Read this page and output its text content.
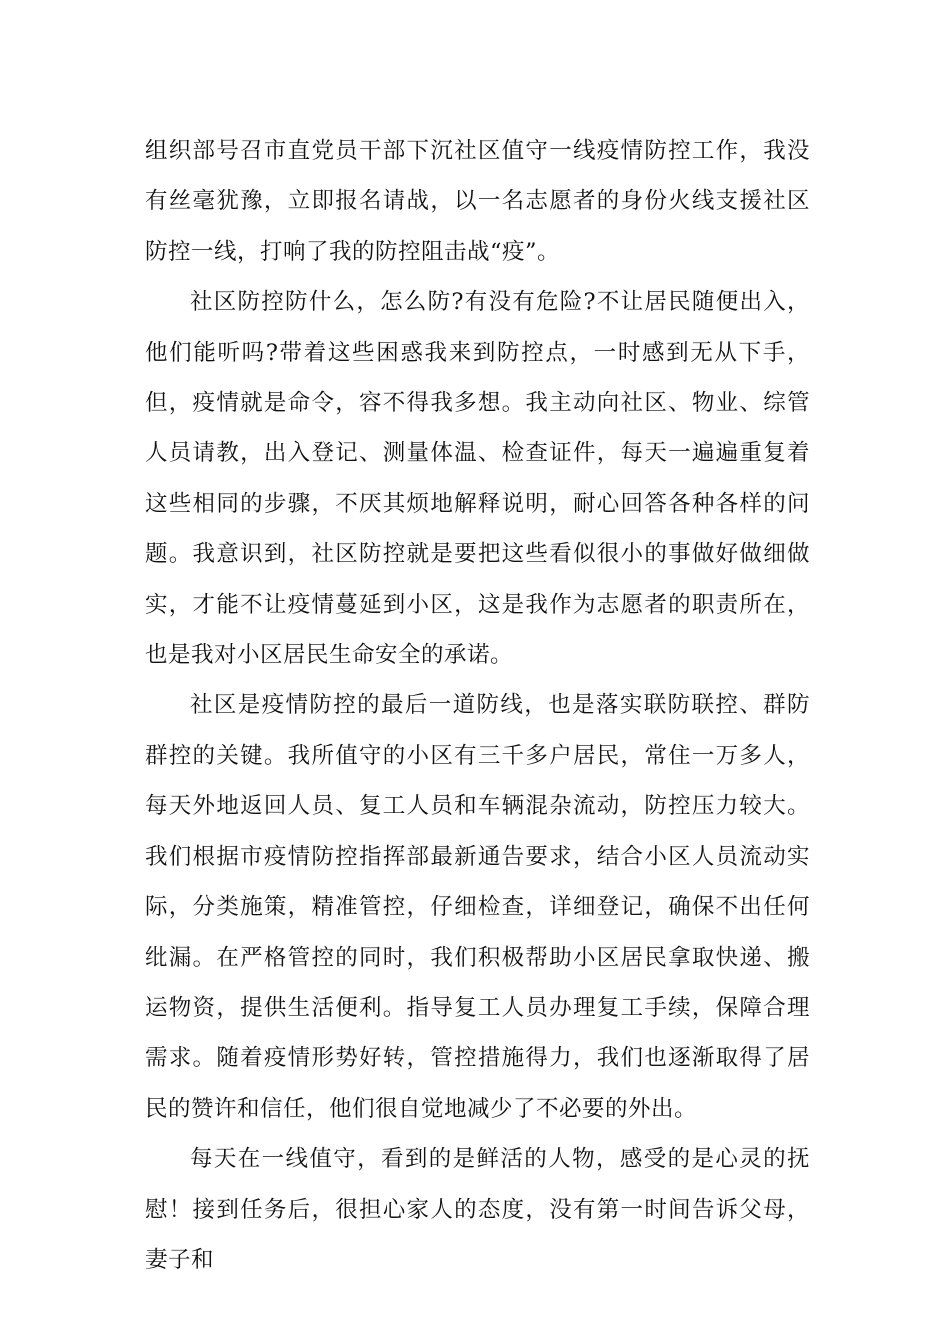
组织部号召市直党员干部下沉社区值守一线疫情防控工作，我没有丝毫犹豫，立即报名请战，以一名志愿者的身份火线支援社区防控一线，打响了我的防控阻击战“疫”。

社区防控防什么，怎么防?有没有危险?不让居民随便出入，他们能听吗?带着这些困惑我来到防控点，一时感到无从下手，但，疫情就是命令，容不得我多想。我主动向社区、物业、综管人员请教，出入登记、测量体温、检查证件，每天一遍遍重复着这些相同的步骤，不厌其烦地解释说明，耐心回答各种各样的问题。我意识到，社区防控就是要把这些看似很小的事做好做细做实，才能不让疫情蔓延到小区，这是我作为志愿者的职责所在，也是我对小区居民生命安全的承诺。

社区是疫情防控的最后一道防线，也是落实联防联控、群防群控的关键。我所值守的小区有三千多户居民，常住一万多人，每天外地返回人员、复工人员和车辆混杂流动，防控压力较大。我们根据市疫情防控指挥部最新通告要求，结合小区人员流动实际，分类施策，精准管控，仔细检查，详细登记，确保不出任何纰漏。在严格管控的同时，我们积极帮助小区居民拿取快递、搬运物资，提供生活便利。指导复工人员办理复工手续，保障合理需求。随着疫情形势好转，管控措施得力，我们也逐渐取得了居民的赞许和信任，他们很自觉地减少了不必要的外出。

每天在一线值守，看到的是鲜活的人物，感受的是心灵的抚慰！接到任务后，很担心家人的态度，没有第一时间告诉父母，妻子和
